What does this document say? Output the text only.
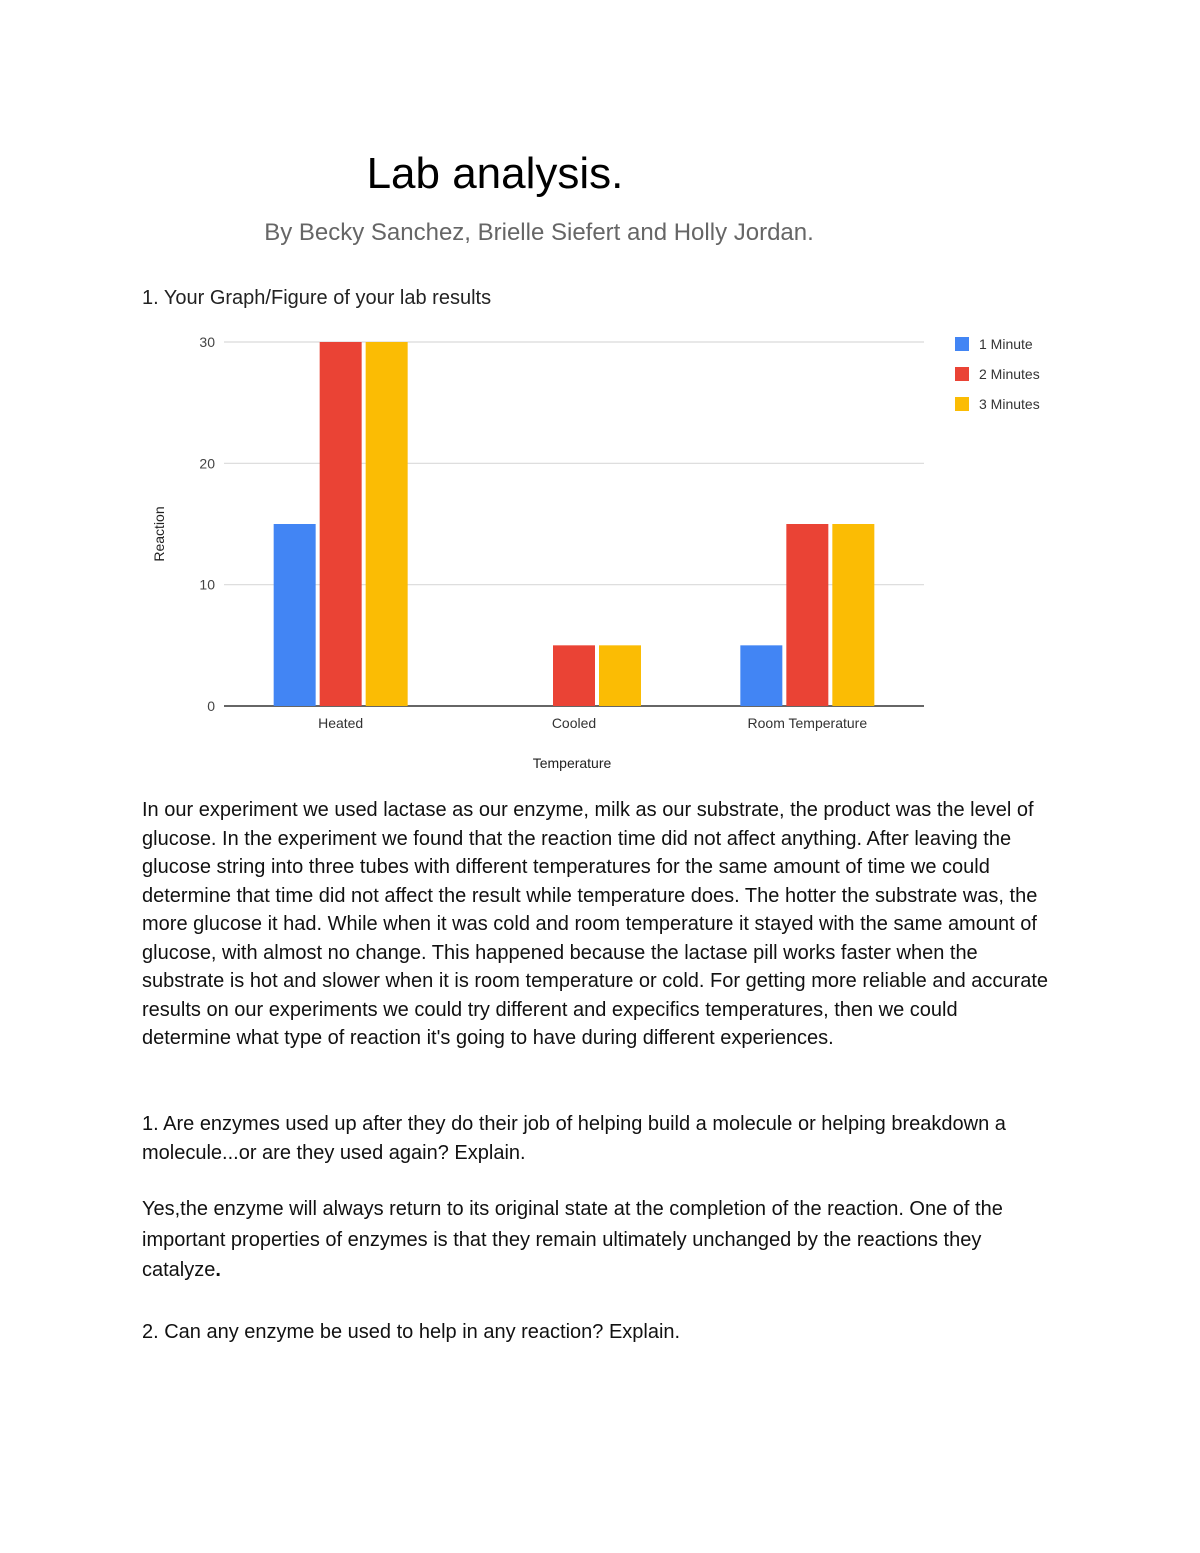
Lab analysis.

By Becky Sanchez, Brielle Siefert and Holly Jordan.

1. Your Graph/Figure of your lab results

0
10
20
30
Heated	Cooled	Room Temperature
Temperature
Reaction
1 Minute
2 Minutes
3 Minutes

In our experiment we used lactase as our enzyme, milk as our substrate, the product was the level of glucose. In the experiment we found that the reaction time did not affect anything. After leaving the glucose string into three tubes with different temperatures for the same amount of time we could determine that time did not affect the result while temperature does. The hotter the substrate was, the more glucose it had. While when it was cold and room temperature it stayed with the same amount of glucose, with almost no change. This happened because the lactase pill works faster when the substrate is hot and slower when it is room temperature or cold. For getting more reliable and accurate results on our experiments we could try different and expecifics temperatures, then we could determine what type of reaction it's going to have during different experiences.

1. Are enzymes used up after they do their job of helping build a molecule or helping breakdown a molecule...or are they used again? Explain.

Yes,the enzyme will always return to its original state at the completion of the reaction. One of the important properties of enzymes is that they remain ultimately unchanged by the reactions they catalyze.

2. Can any enzyme be used to help in any reaction? Explain.
